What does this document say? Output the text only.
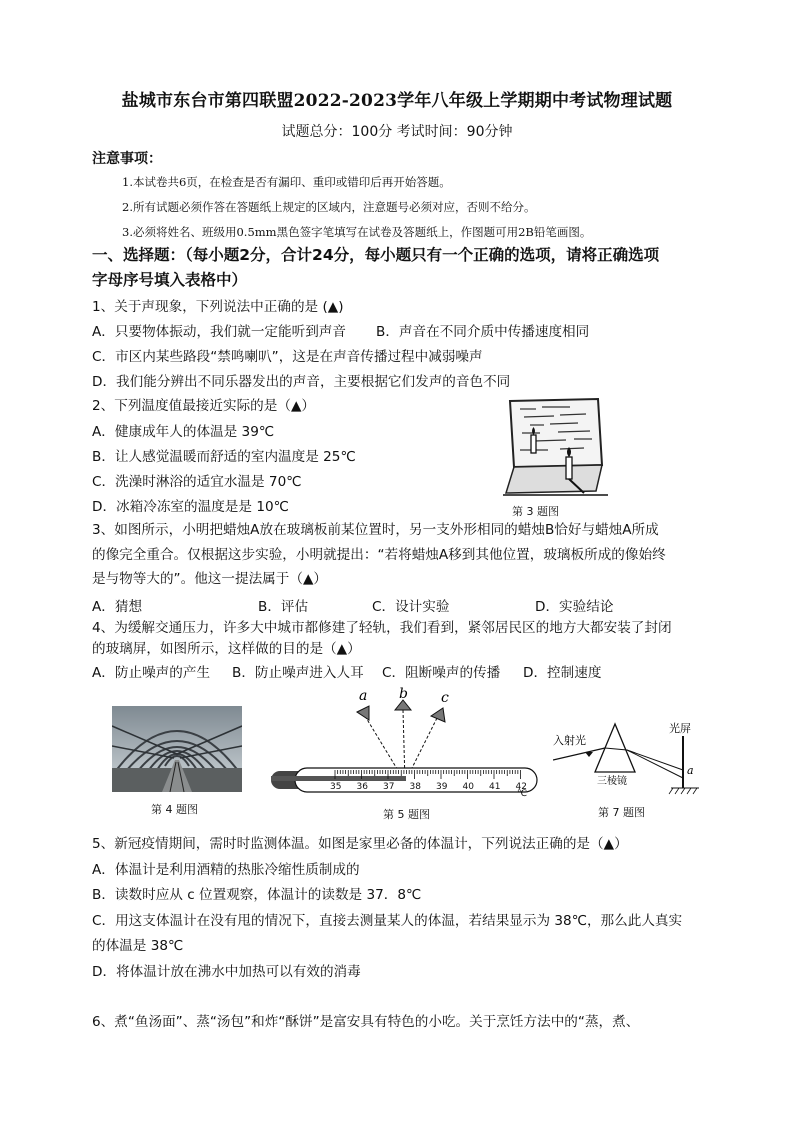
盐城市东台市第四联盟2022-2023学年八年级上学期期中考试物理试题
试题总分：100分 考试时间：90分钟
注意事项：
1.本试卷共6页，在检查是否有漏印、重印或错印后再开始答题。
2.所有试题必须作答在答题纸上规定的区域内，注意题号必须对应，否则不给分。
3.必须将姓名、班级用0.5mm黑色签字笔填写在试卷及答题纸上，作图题可用2B铅笔画图。
一、选择题：（每小题2分，合计24分，每小题只有一个正确的选项，请将正确选项
字母序号填入表格中）
1、关于声现象，下列说法中正确的是 (▲)
A．只要物体振动，我们就一定能听到声音 B．声音在不同介质中传播速度相同
C．市区内某些路段“禁鸣喇叭”，这是在声音传播过程中减弱噪声
D．我们能分辨出不同乐器发出的声音，主要根据它们发声的音色不同
2、下列温度值最接近实际的是（▲）
A．健康成年人的体温是 39℃
B．让人感觉温暖而舒适的室内温度是 25℃
C．洗澡时淋浴的适宜水温是 70℃
D．冰箱冷冻室的温度是是 10℃	第 3 题图
3、如图所示，小明把蜡烛A放在玻璃板前某位置时，另一支外形相同的蜡烛B恰好与蜡烛A所成
的像完全重合。仅根据这步实验，小明就提出：“若将蜡烛A移到其他位置，玻璃板所成的像始终
是与物等大的”。他这一提法属于（▲）
A．猜想	B．评估	C．设计实验	D．实验结论
4、为缓解交通压力，许多大中城市都修建了轻轨，我们看到，紧邻居民区的地方大都安装了封闭
的玻璃屏，如图所示，这样做的目的是（▲）
A．防止噪声的产生 B．防止噪声进入人耳 C．阻断噪声的传播 D．控制速度
第 4 题图
a b c
35 36 37 38 39 40 41 42
℃
第 5 题图
入射光
光屏
三棱镜
a
第 7 题图
5、新冠疫情期间，需时时监测体温。如图是家里必备的体温计，下列说法正确的是（▲）
A．体温计是利用酒精的热胀冷缩性质制成的
B．读数时应从 c 位置观察，体温计的读数是 37．8℃
C．用这支体温计在没有甩的情况下，直接去测量某人的体温，若结果显示为 38℃，那么此人真实
的体温是 38℃
D．将体温计放在沸水中加热可以有效的消毒
6、煮“鱼汤面”、蒸“汤包”和炸“酥饼”是富安具有特色的小吃。关于烹饪方法中的“蒸，煮、
